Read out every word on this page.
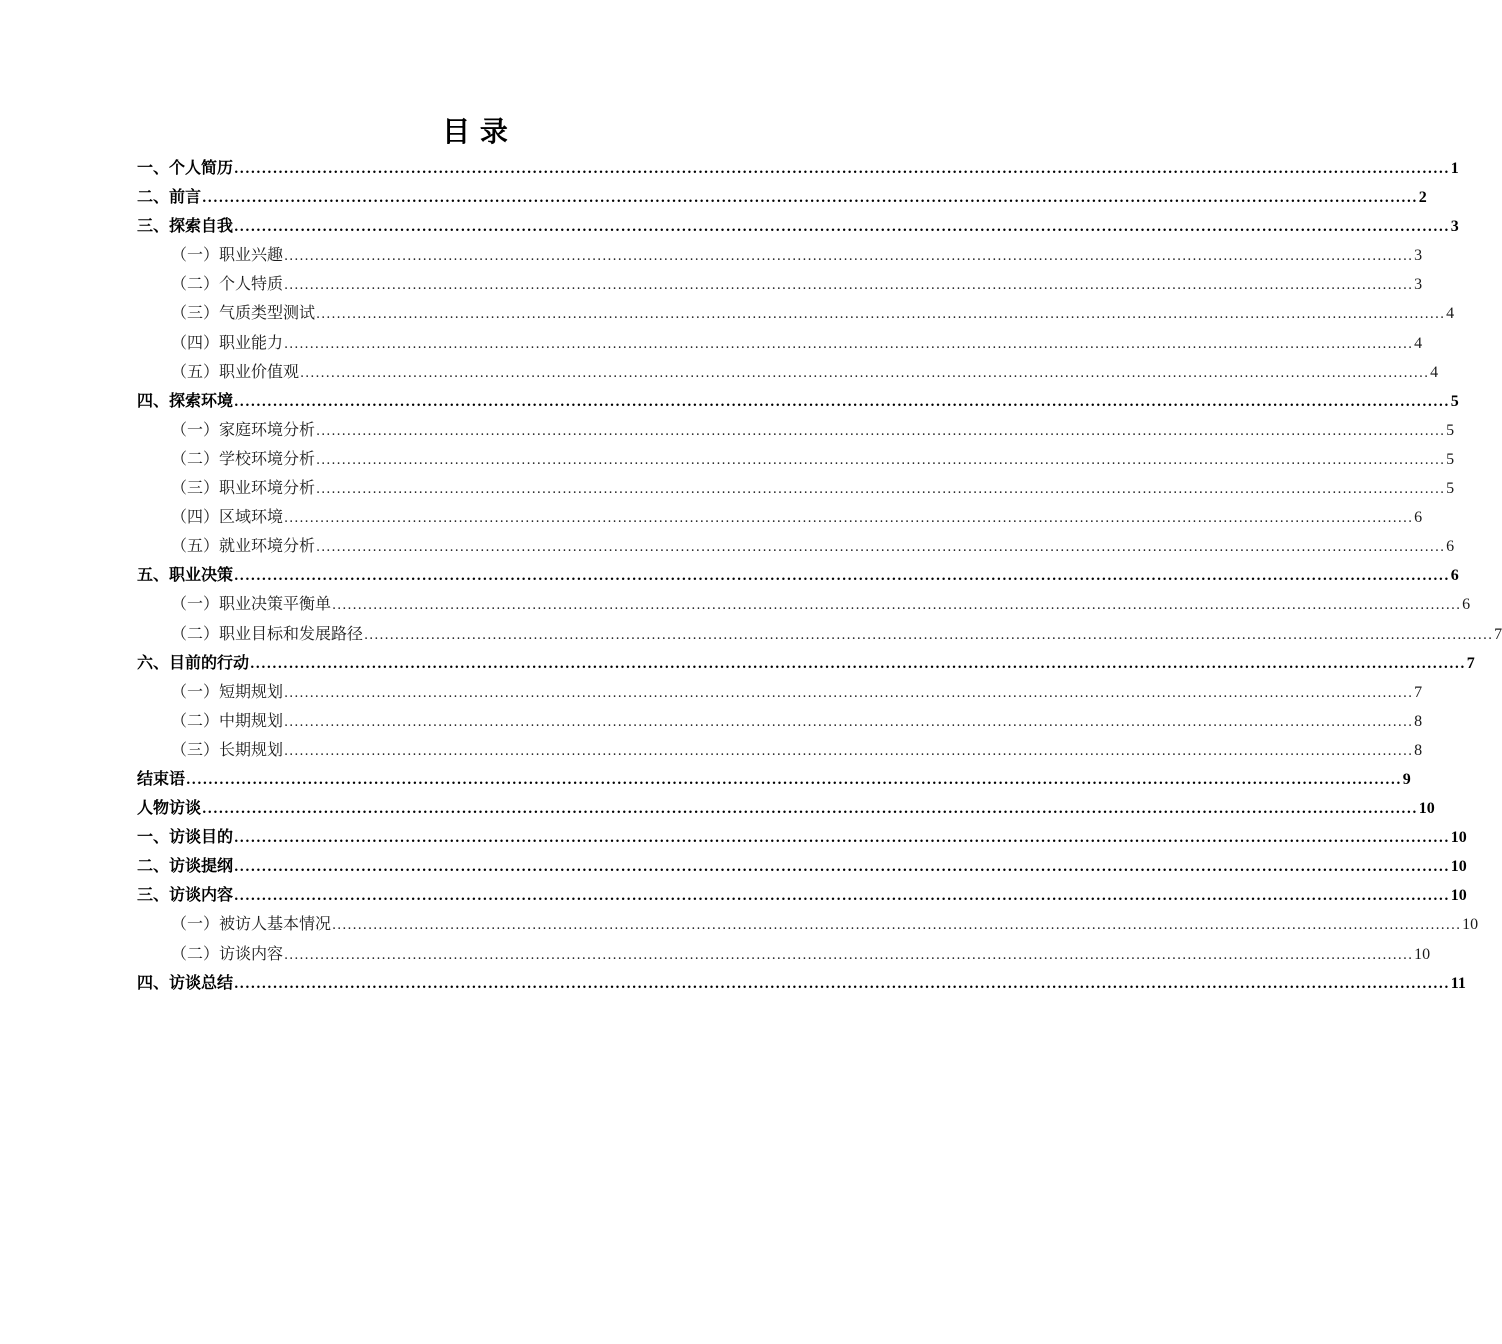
目 录
一、个人简历 ............................................................................................................................................................................................................................ 1
二、前言 ............................................................................................................................................................................................................................ 2
三、探索自我 ............................................................................................................................................................................................................................ 3
（一）职业兴趣 ............................................................................................................................................................................................................................ 3
（二）个人特质 ............................................................................................................................................................................................................................ 3
（三）气质类型测试 ............................................................................................................................................................................................................................ 4
（四）职业能力 ............................................................................................................................................................................................................................ 4
（五）职业价值观 ............................................................................................................................................................................................................................ 4
四、探索环境 ............................................................................................................................................................................................................................ 5
（一）家庭环境分析 ............................................................................................................................................................................................................................ 5
（二）学校环境分析 ............................................................................................................................................................................................................................ 5
（三）职业环境分析 ............................................................................................................................................................................................................................ 5
（四）区域环境 ............................................................................................................................................................................................................................ 6
（五）就业环境分析 ............................................................................................................................................................................................................................ 6
五、职业决策 ............................................................................................................................................................................................................................ 6
（一）职业决策平衡单 ............................................................................................................................................................................................................................ 6
（二）职业目标和发展路径 ............................................................................................................................................................................................................................ 7
六、目前的行动 ............................................................................................................................................................................................................................ 7
（一）短期规划 ............................................................................................................................................................................................................................ 7
（二）中期规划 ............................................................................................................................................................................................................................ 8
（三）长期规划 ............................................................................................................................................................................................................................ 8
结束语 ............................................................................................................................................................................................................................ 9
人物访谈 ............................................................................................................................................................................................................................ 10
一、访谈目的 ............................................................................................................................................................................................................................ 10
二、访谈提纲 ............................................................................................................................................................................................................................ 10
三、访谈内容 ............................................................................................................................................................................................................................ 10
（一）被访人基本情况 ............................................................................................................................................................................................................................ 10
（二）访谈内容 ............................................................................................................................................................................................................................ 10
四、访谈总结 ............................................................................................................................................................................................................................ 11
